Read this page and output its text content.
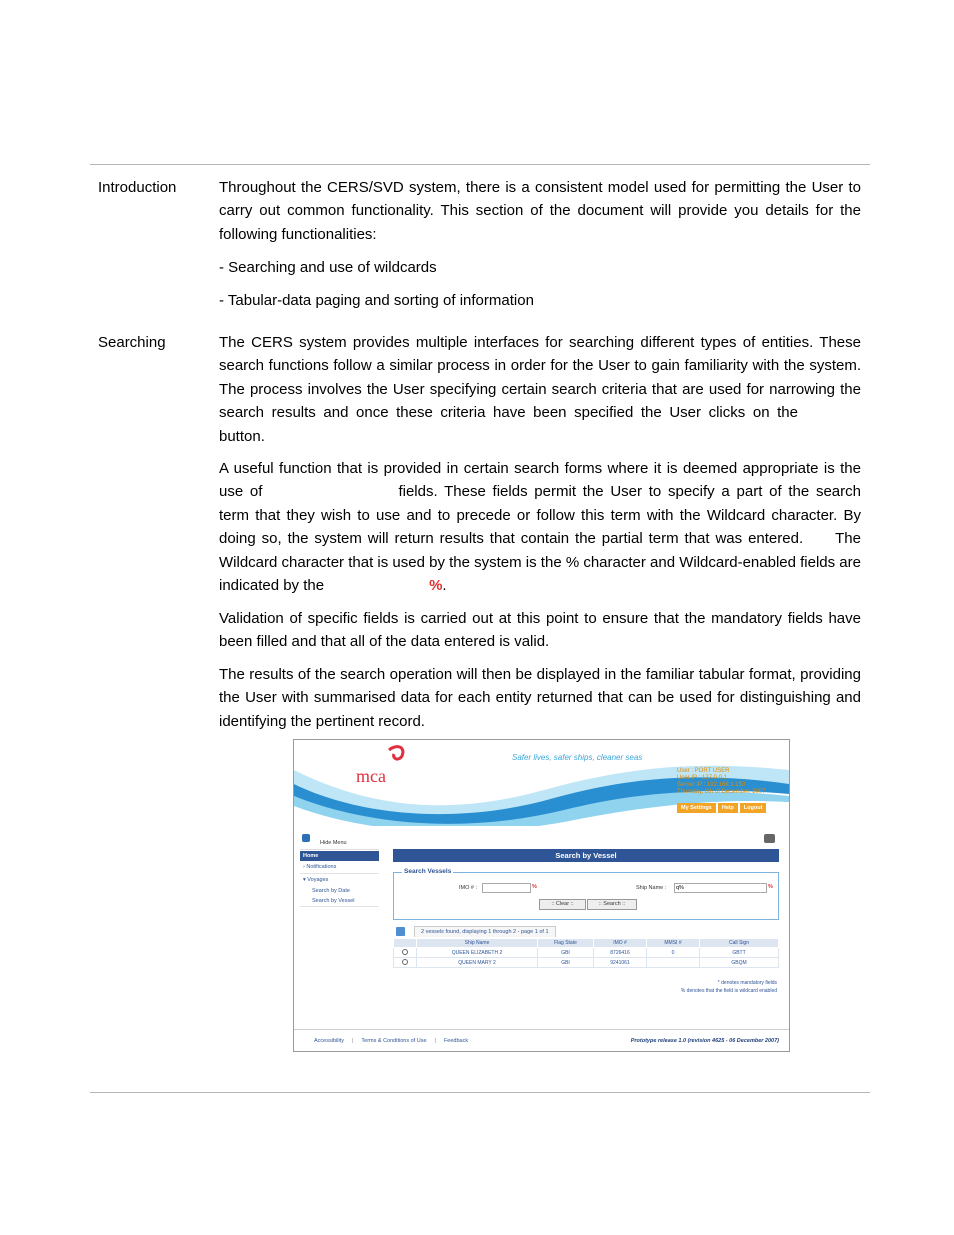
Introduction	Throughout the CERS/SVD system, there is a consistent model used for permitting the User to carry out common functionality. This section of the document will provide you details for the following functionalities:
- Searching and use of wildcards
- Tabular-data paging and sorting of information
Searching	The CERS system provides multiple interfaces for searching different types of entities. These search functions follow a similar process in order for the User to gain familiarity with the system. The process involves the User specifying certain search criteria that are used for narrowing the search results and once these criteria have been specified the User clicks on thebutton.
A useful function that is provided in certain search forms where it is deemed appropriate is the use of	fields. These fields permit the User to specify a part of the search term that they wish to use and to precede or follow this term with the Wildcard character. By doing so, the system will return results that contain the partial term that was entered. The Wildcard character that is used by the system is the % character and Wildcard-enabled fields are indicated by the	%.
Validation of specific fields is carried out at this point to ensure that the mandatory fields have been filled and that all of the data entered is valid.
The results of the search operation will then be displayed in the familiar tabular format, providing the User with summarised data for each entity returned that can be used for distinguishing and identifying the pertinent record.
mca
Safer lives, safer ships, cleaner seas
User : PORT USER
User IP : 127.0.0.1
Server IP : 192.168.1.150
Thursday, 6th of December, 2007
My Settings	Help	Logout
Hide Menu
Home
› Notifications
▾ Voyages
Search by Date
Search by Vessel
Search by Vessel
Search Vessels
IMO # :	%	Ship Name :	q%	%
:: Clear ::	:: Search ::
2 vessels found, displaying 1 through 2 - page 1 of 1
	Ship Name	Flag State	IMO #	MMSI #	Call Sign
	QUEEN ELIZABETH 2	GBI	8726416	0	GBTT
	QUEEN MARY 2	GBI	9241061		GBQM
* denotes mandatory fields
% denotes that the field is wildcard enabled
Accessibility | Terms & Conditions of Use | Feedback	Prototype release 1.0 (revision 4625 - 06 December 2007)
